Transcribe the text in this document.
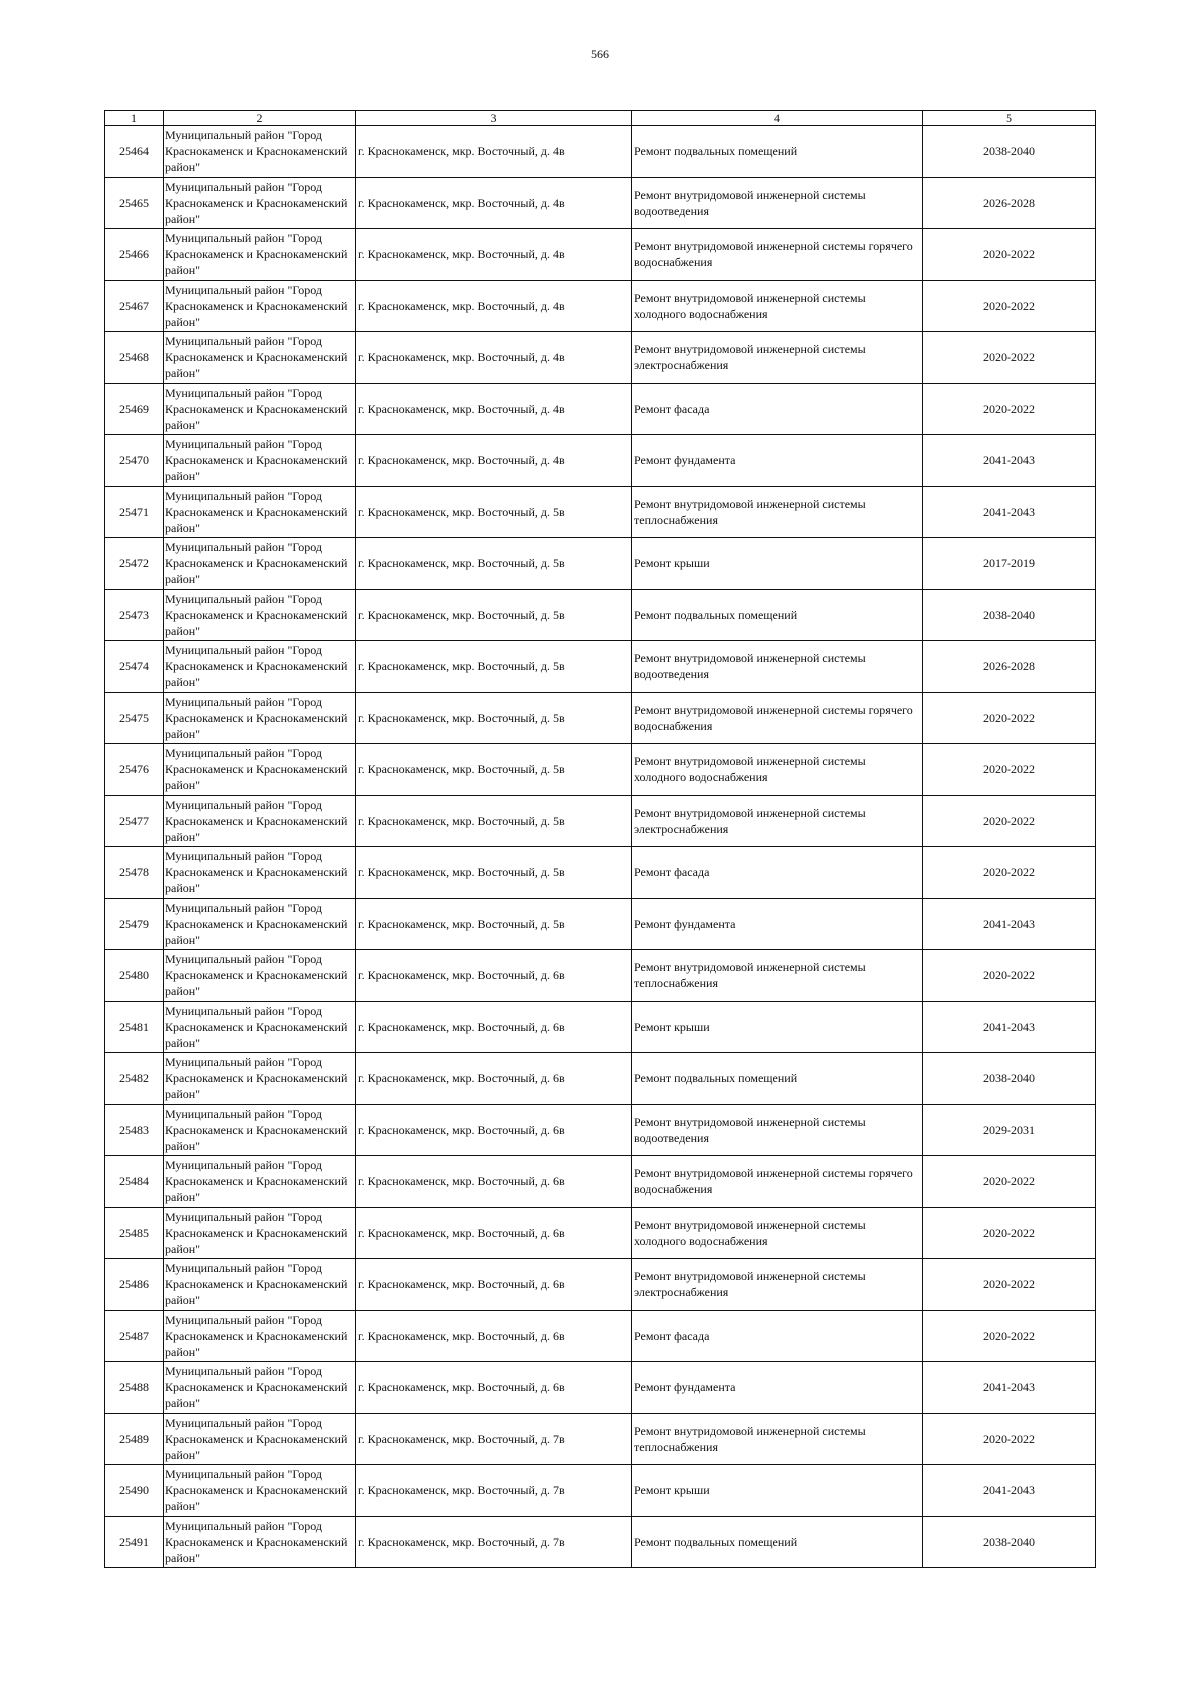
566
1	2	3	4	5
25464	Муниципальный район "Город Краснокаменск и Краснокаменский район"	г. Краснокаменск, мкр. Восточный, д. 4в	Ремонт подвальных помещений	2038-2040
25465	Муниципальный район "Город Краснокаменск и Краснокаменский район"	г. Краснокаменск, мкр. Восточный, д. 4в	Ремонт внутридомовой инженерной системы водоотведения	2026-2028
25466	Муниципальный район "Город Краснокаменск и Краснокаменский район"	г. Краснокаменск, мкр. Восточный, д. 4в	Ремонт внутридомовой инженерной системы горячего водоснабжения	2020-2022
25467	Муниципальный район "Город Краснокаменск и Краснокаменский район"	г. Краснокаменск, мкр. Восточный, д. 4в	Ремонт внутридомовой инженерной системы холодного водоснабжения	2020-2022
25468	Муниципальный район "Город Краснокаменск и Краснокаменский район"	г. Краснокаменск, мкр. Восточный, д. 4в	Ремонт внутридомовой инженерной системы электроснабжения	2020-2022
25469	Муниципальный район "Город Краснокаменск и Краснокаменский район"	г. Краснокаменск, мкр. Восточный, д. 4в	Ремонт фасада	2020-2022
25470	Муниципальный район "Город Краснокаменск и Краснокаменский район"	г. Краснокаменск, мкр. Восточный, д. 4в	Ремонт фундамента	2041-2043
25471	Муниципальный район "Город Краснокаменск и Краснокаменский район"	г. Краснокаменск, мкр. Восточный, д. 5в	Ремонт внутридомовой инженерной системы теплоснабжения	2041-2043
25472	Муниципальный район "Город Краснокаменск и Краснокаменский район"	г. Краснокаменск, мкр. Восточный, д. 5в	Ремонт крыши	2017-2019
25473	Муниципальный район "Город Краснокаменск и Краснокаменский район"	г. Краснокаменск, мкр. Восточный, д. 5в	Ремонт подвальных помещений	2038-2040
25474	Муниципальный район "Город Краснокаменск и Краснокаменский район"	г. Краснокаменск, мкр. Восточный, д. 5в	Ремонт внутридомовой инженерной системы водоотведения	2026-2028
25475	Муниципальный район "Город Краснокаменск и Краснокаменский район"	г. Краснокаменск, мкр. Восточный, д. 5в	Ремонт внутридомовой инженерной системы горячего водоснабжения	2020-2022
25476	Муниципальный район "Город Краснокаменск и Краснокаменский район"	г. Краснокаменск, мкр. Восточный, д. 5в	Ремонт внутридомовой инженерной системы холодного водоснабжения	2020-2022
25477	Муниципальный район "Город Краснокаменск и Краснокаменский район"	г. Краснокаменск, мкр. Восточный, д. 5в	Ремонт внутридомовой инженерной системы электроснабжения	2020-2022
25478	Муниципальный район "Город Краснокаменск и Краснокаменский район"	г. Краснокаменск, мкр. Восточный, д. 5в	Ремонт фасада	2020-2022
25479	Муниципальный район "Город Краснокаменск и Краснокаменский район"	г. Краснокаменск, мкр. Восточный, д. 5в	Ремонт фундамента	2041-2043
25480	Муниципальный район "Город Краснокаменск и Краснокаменский район"	г. Краснокаменск, мкр. Восточный, д. 6в	Ремонт внутридомовой инженерной системы теплоснабжения	2020-2022
25481	Муниципальный район "Город Краснокаменск и Краснокаменский район"	г. Краснокаменск, мкр. Восточный, д. 6в	Ремонт крыши	2041-2043
25482	Муниципальный район "Город Краснокаменск и Краснокаменский район"	г. Краснокаменск, мкр. Восточный, д. 6в	Ремонт подвальных помещений	2038-2040
25483	Муниципальный район "Город Краснокаменск и Краснокаменский район"	г. Краснокаменск, мкр. Восточный, д. 6в	Ремонт внутридомовой инженерной системы водоотведения	2029-2031
25484	Муниципальный район "Город Краснокаменск и Краснокаменский район"	г. Краснокаменск, мкр. Восточный, д. 6в	Ремонт внутридомовой инженерной системы горячего водоснабжения	2020-2022
25485	Муниципальный район "Город Краснокаменск и Краснокаменский район"	г. Краснокаменск, мкр. Восточный, д. 6в	Ремонт внутридомовой инженерной системы холодного водоснабжения	2020-2022
25486	Муниципальный район "Город Краснокаменск и Краснокаменский район"	г. Краснокаменск, мкр. Восточный, д. 6в	Ремонт внутридомовой инженерной системы электроснабжения	2020-2022
25487	Муниципальный район "Город Краснокаменск и Краснокаменский район"	г. Краснокаменск, мкр. Восточный, д. 6в	Ремонт фасада	2020-2022
25488	Муниципальный район "Город Краснокаменск и Краснокаменский район"	г. Краснокаменск, мкр. Восточный, д. 6в	Ремонт фундамента	2041-2043
25489	Муниципальный район "Город Краснокаменск и Краснокаменский район"	г. Краснокаменск, мкр. Восточный, д. 7в	Ремонт внутридомовой инженерной системы теплоснабжения	2020-2022
25490	Муниципальный район "Город Краснокаменск и Краснокаменский район"	г. Краснокаменск, мкр. Восточный, д. 7в	Ремонт крыши	2041-2043
25491	Муниципальный район "Город Краснокаменск и Краснокаменский район"	г. Краснокаменск, мкр. Восточный, д. 7в	Ремонт подвальных помещений	2038-2040
